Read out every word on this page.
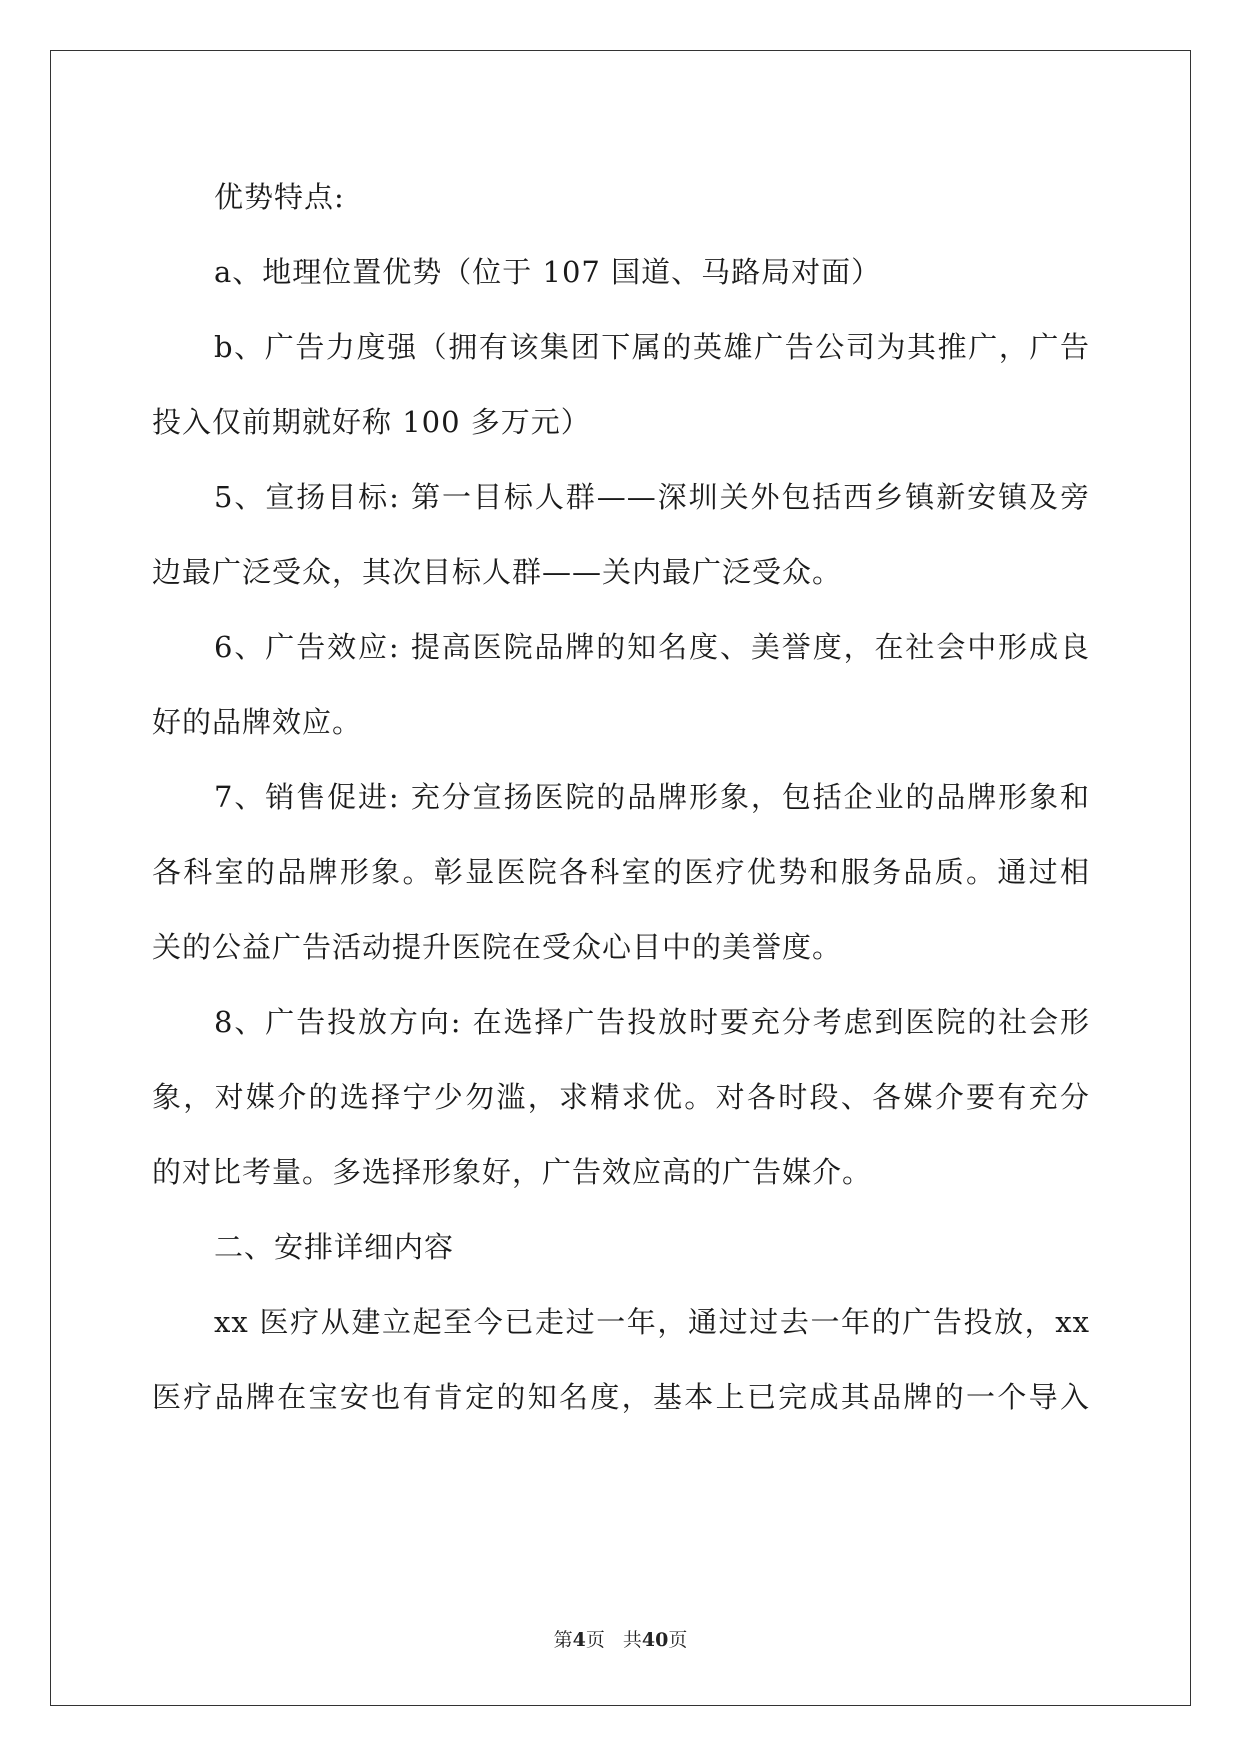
优势特点:

a、地理位置优势（位于 107 国道、马路局对面）

b、广告力度强（拥有该集团下属的英雄广告公司为其推广，广告

投入仅前期就好称 100 多万元）

5、宣扬目标: 第一目标人群——深圳关外包括西乡镇新安镇及旁

边最广泛受众，其次目标人群——关内最广泛受众。

6、广告效应: 提高医院品牌的知名度、美誉度，在社会中形成良

好的品牌效应。

7、销售促进: 充分宣扬医院的品牌形象，包括企业的品牌形象和

各科室的品牌形象。彰显医院各科室的医疗优势和服务品质。通过相

关的公益广告活动提升医院在受众心目中的美誉度。

8、广告投放方向: 在选择广告投放时要充分考虑到医院的社会形

象，对媒介的选择宁少勿滥，求精求优。对各时段、各媒介要有充分

的对比考量。多选择形象好，广告效应高的广告媒介。

二、安排详细内容

xx 医疗从建立起至今已走过一年，通过过去一年的广告投放，xx

医疗品牌在宝安也有肯定的知名度，基本上已完成其品牌的一个导入

第4页 共40页
